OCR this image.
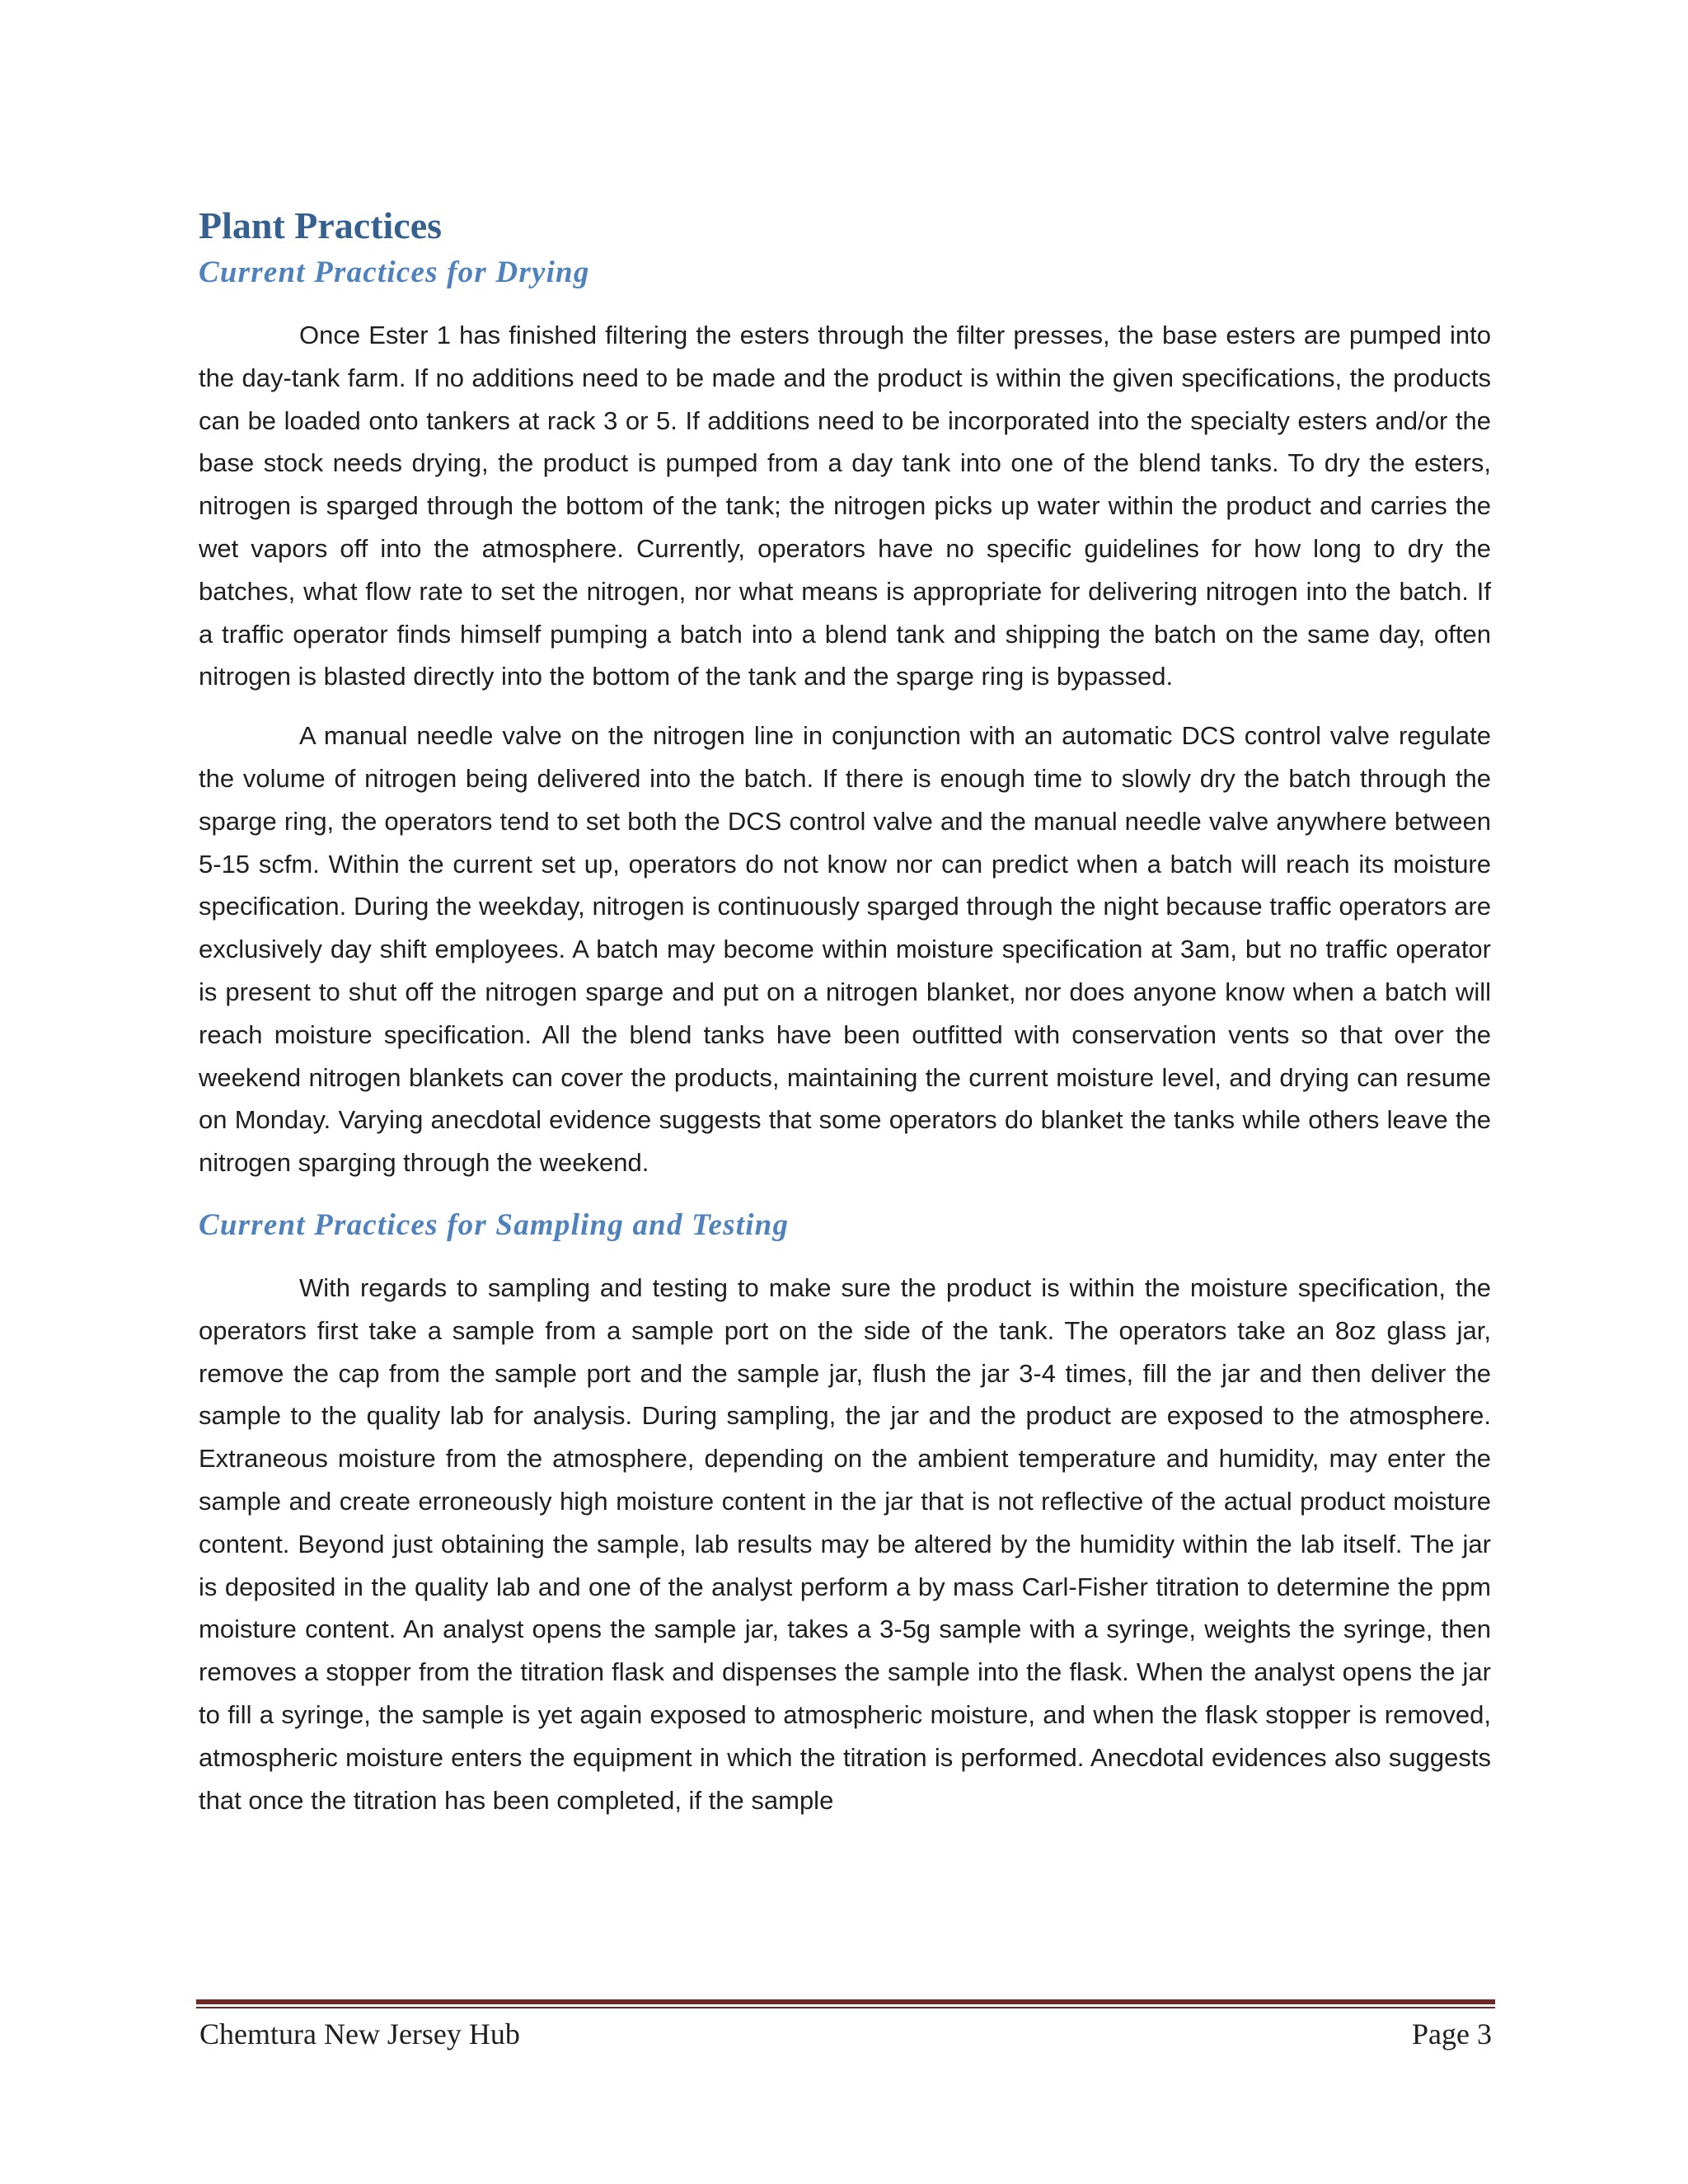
Plant Practices
Current Practices for Drying

Once Ester 1 has finished filtering the esters through the filter presses, the base esters are pumped into the day-tank farm. If no additions need to be made and the product is within the given specifications, the products can be loaded onto tankers at rack 3 or 5. If additions need to be incorporated into the specialty esters and/or the base stock needs drying, the product is pumped from a day tank into one of the blend tanks. To dry the esters, nitrogen is sparged through the bottom of the tank; the nitrogen picks up water within the product and carries the wet vapors off into the atmosphere. Currently, operators have no specific guidelines for how long to dry the batches, what flow rate to set the nitrogen, nor what means is appropriate for delivering nitrogen into the batch. If a traffic operator finds himself pumping a batch into a blend tank and shipping the batch on the same day, often nitrogen is blasted directly into the bottom of the tank and the sparge ring is bypassed.

A manual needle valve on the nitrogen line in conjunction with an automatic DCS control valve regulate the volume of nitrogen being delivered into the batch. If there is enough time to slowly dry the batch through the sparge ring, the operators tend to set both the DCS control valve and the manual needle valve anywhere between 5-15 scfm. Within the current set up, operators do not know nor can predict when a batch will reach its moisture specification. During the weekday, nitrogen is continuously sparged through the night because traffic operators are exclusively day shift employees. A batch may become within moisture specification at 3am, but no traffic operator is present to shut off the nitrogen sparge and put on a nitrogen blanket, nor does anyone know when a batch will reach moisture specification. All the blend tanks have been outfitted with conservation vents so that over the weekend nitrogen blankets can cover the products, maintaining the current moisture level, and drying can resume on Monday. Varying anecdotal evidence suggests that some operators do blanket the tanks while others leave the nitrogen sparging through the weekend.

Current Practices for Sampling and Testing

With regards to sampling and testing to make sure the product is within the moisture specification, the operators first take a sample from a sample port on the side of the tank. The operators take an 8oz glass jar, remove the cap from the sample port and the sample jar, flush the jar 3-4 times, fill the jar and then deliver the sample to the quality lab for analysis. During sampling, the jar and the product are exposed to the atmosphere. Extraneous moisture from the atmosphere, depending on the ambient temperature and humidity, may enter the sample and create erroneously high moisture content in the jar that is not reflective of the actual product moisture content. Beyond just obtaining the sample, lab results may be altered by the humidity within the lab itself. The jar is deposited in the quality lab and one of the analyst perform a by mass Carl-Fisher titration to determine the ppm moisture content. An analyst opens the sample jar, takes a 3-5g sample with a syringe, weights the syringe, then removes a stopper from the titration flask and dispenses the sample into the flask. When the analyst opens the jar to fill a syringe, the sample is yet again exposed to atmospheric moisture, and when the flask stopper is removed, atmospheric moisture enters the equipment in which the titration is performed. Anecdotal evidences also suggests that once the titration has been completed, if the sample

Chemtura New Jersey Hub	Page 3
